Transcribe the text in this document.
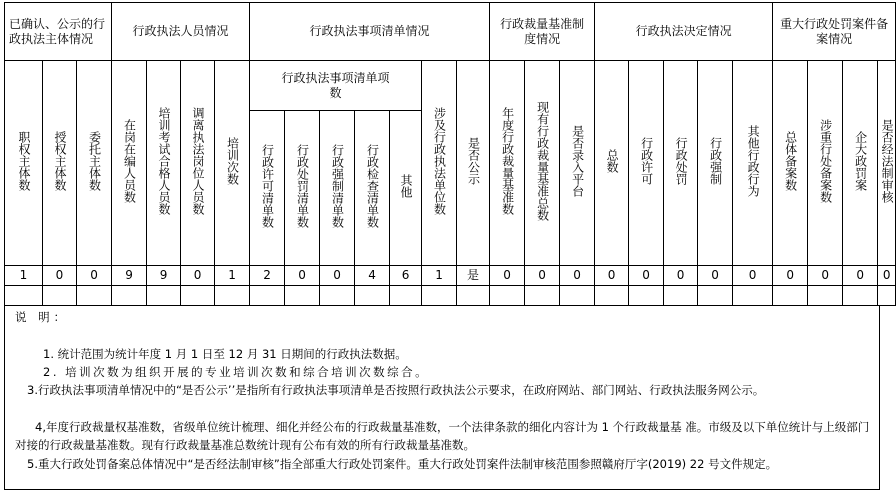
已确认、公示的行政执法主体情况			行政执法人员情况				行政执法事项清单情况							行政裁量基准制度情况			行政执法决定情况					重大行政处罚案件备案情况			
职权主体数	授权主体数	委托主体数	在岗在编人员数	培训考试合格人员数	调离执法岗位人员数	培训次数	行政执法事项清单项数					涉及行政执法单位数	是否公示	年度行政裁量基准数	现有行政裁量基准总数	是否录入平台	总数	行政许可	行政处罚	行政强制	其他行政行为	总体备案数	涉重行处备案数	企大政罚案	是否经法制审核
							行政许可清单数	行政处罚清单数	行政强制清单数	行政检查清单数	其他														
1	0	0	9	9	0	1	2	0	0	4	6	1	是	0	0	0	0	0	0	0	0	0	0	0	0

说 明：

1. 统计范围为统计年度 1 月 1 日至 12 月 31 日期间的行政执法数据。

2. 培训次数为组织开展的专业培训次数和综合培训次数综合。

3.行政执法事项清单情况中的“是否公示’’是指所有行政执法事项清单是否按照行政执法公示要求，在政府网站、部门网站、行政执法服务网公示。

4,年度行政裁量权基准数，省级单位统计梳理、细化并经公布的行政裁量基准数，一个法律条款的细化内容计为 1 个行政裁量基 准。市级及以下单位统计与上级部门对接的行政裁量基准数。现有行政裁量基准总数统计现有公布有效的所有行政裁量基准数。

5.重大行政处罚备案总体情况中“是否经法制审核”指全部重大行政处罚案件。重大行政处罚案件法制审核范围参照赣府厅字(2019) 22 号文件规定。
